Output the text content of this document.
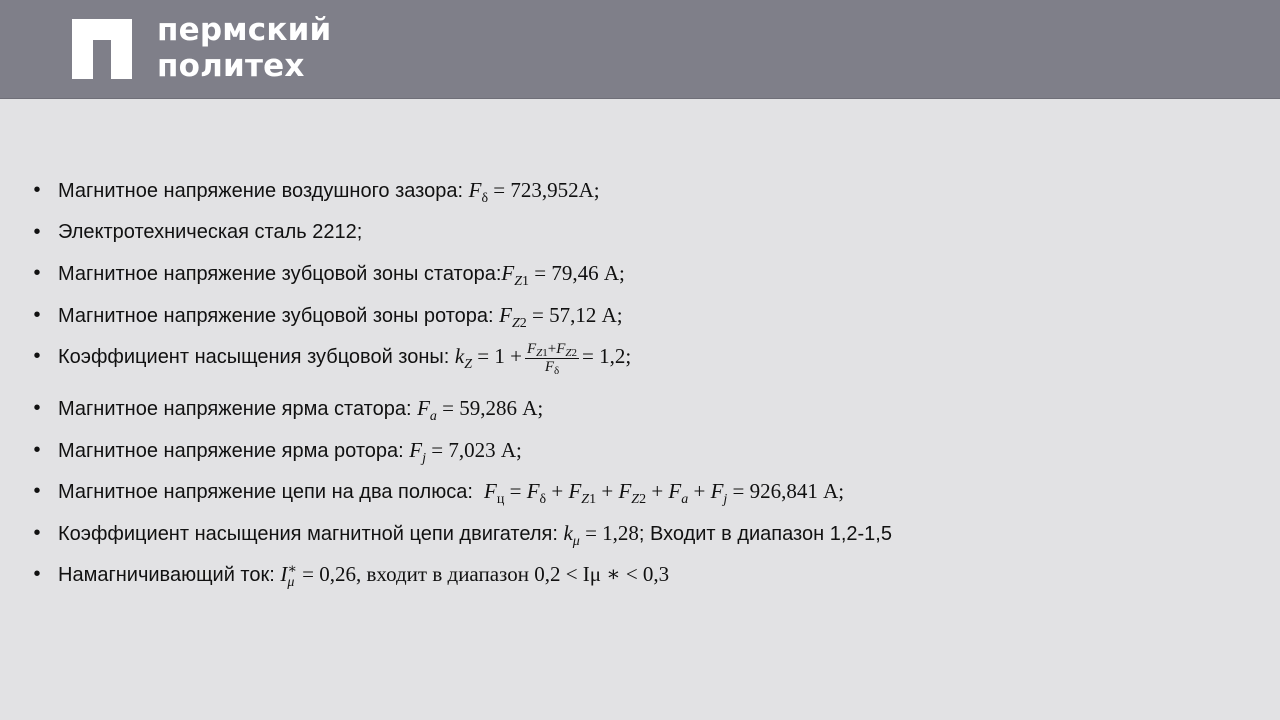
пермский
политех
• Магнитное напряжение воздушного зазора: $F_\delta = 723,952А$;
• Электротехническая сталь 2212;
• Магнитное напряжение зубцовой зоны $статора:F_{Z1} = 79,46$ А;
• Магнитное напряжение зубцовой зоны ротора: $F_{Z2} = 57,12$ А;
• Коэффициент насыщения зубцовой зоны: $k_Z = 1 + \frac{F_{Z1}+F_{Z2}}{F_\delta} = 1,2$;
• Магнитное напряжение ярма статора: $F_a = 59,286$ А;
• Магнитное напряжение ярма ротора: $F_j = 7,023$ А;
• Магнитное напряжение цепи на два полюса:  $F_ц = F_\delta + F_{Z1} + F_{Z2} + F_a + F_j = 926,841$ А;
• Коэффициент насыщения магнитной цепи двигателя: $k_\mu = 1,28$; Входит в диапазон 1,2-1,5
• Намагничивающий ток: $I_\mu^∗ = 0,26$, входит в диапазон 0,2 < Iμ ∗ < 0,3
